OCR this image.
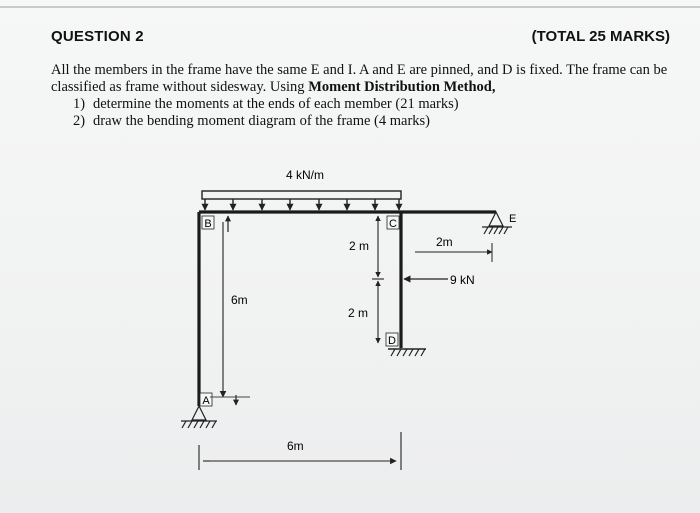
QUESTION 2	(TOTAL 25 MARKS)

All the members in the frame have the same E and I. A and E are pinned, and D is fixed. The frame can be classified as frame without sidesway. Using Moment Distribution Method,

1) determine the moments at the ends of each member (21 marks)
2) draw the bending moment diagram of the frame (4 marks)
4 kN/m
B	C
D
A
E
6m
2 m
2 m
2m
9 kN
6m
